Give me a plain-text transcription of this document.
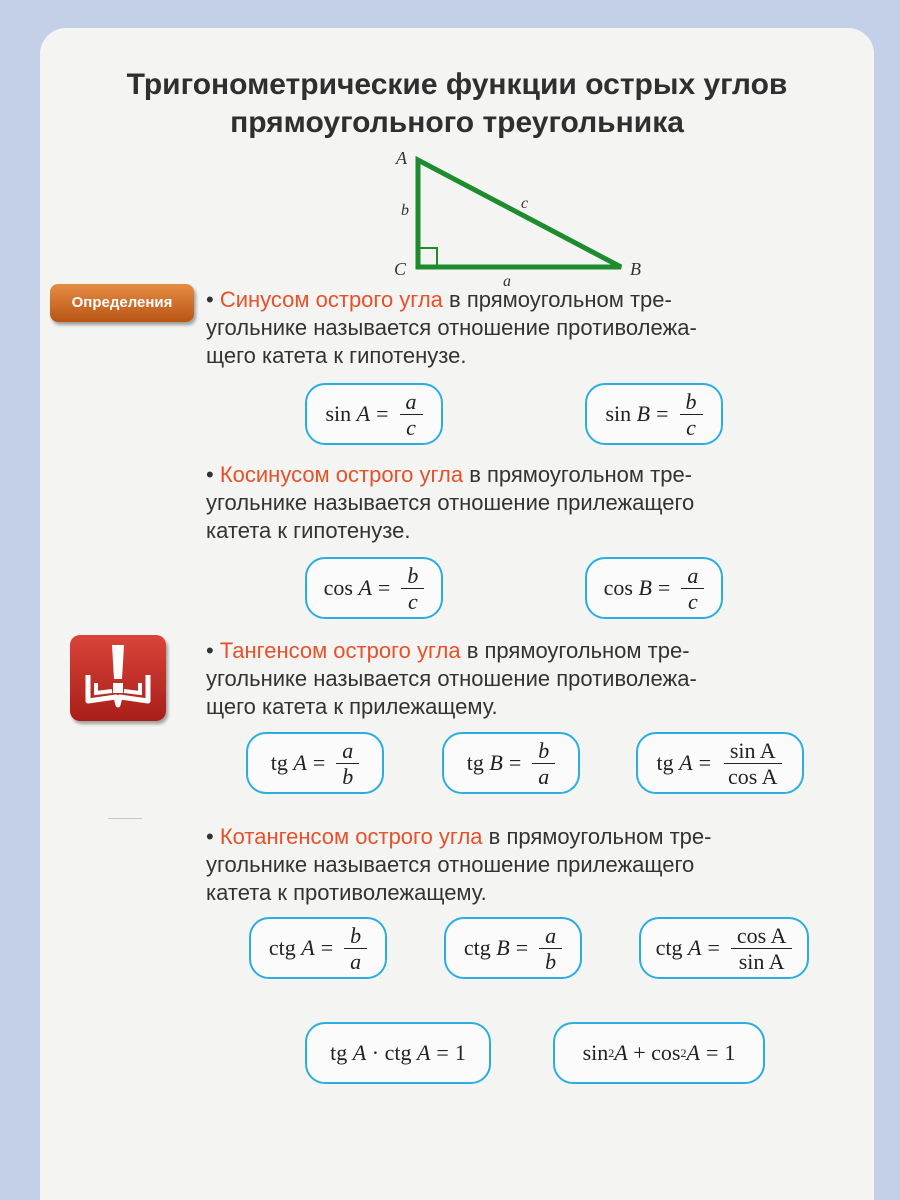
Тригонометрические функции острых углов
прямоугольного треугольника
A
C	B
b	c
a
Определения	• Синусом острого угла в прямоугольном тре-
угольнике называется отношение противолежа-
щего катета к гипотенузе.
sin
$A = \frac{a}{c}$	sin
$B = \frac{b}{c}$
• Косинусом острого угла в прямоугольном тре-
угольнике называется отношение прилежащего
катета к гипотенузе.
cos
$A = \frac{b}{c}$	cos
$B = \frac{a}{c}$
• Тангенсом острого угла в прямоугольном тре-
угольнике называется отношение противолежа-
щего катета к прилежащему.
tg
$A = \frac{a}{b}$	tg
$B = \frac{b}{a}$	tg
$A = \frac{\text{sin A}}{\text{cos A}}$
• Котангенсом острого угла в прямоугольном тре-
угольнике называется отношение прилежащего
катета к противолежащему.
ctg
$A = \frac{b}{a}$	ctg
$B = \frac{a}{b}$	ctg
$A = \frac{\text{cos A}}{\text{sin A}}$
tg
A
·
ctg
A = 1	sin 2 A
+
cos 2 A = 1
